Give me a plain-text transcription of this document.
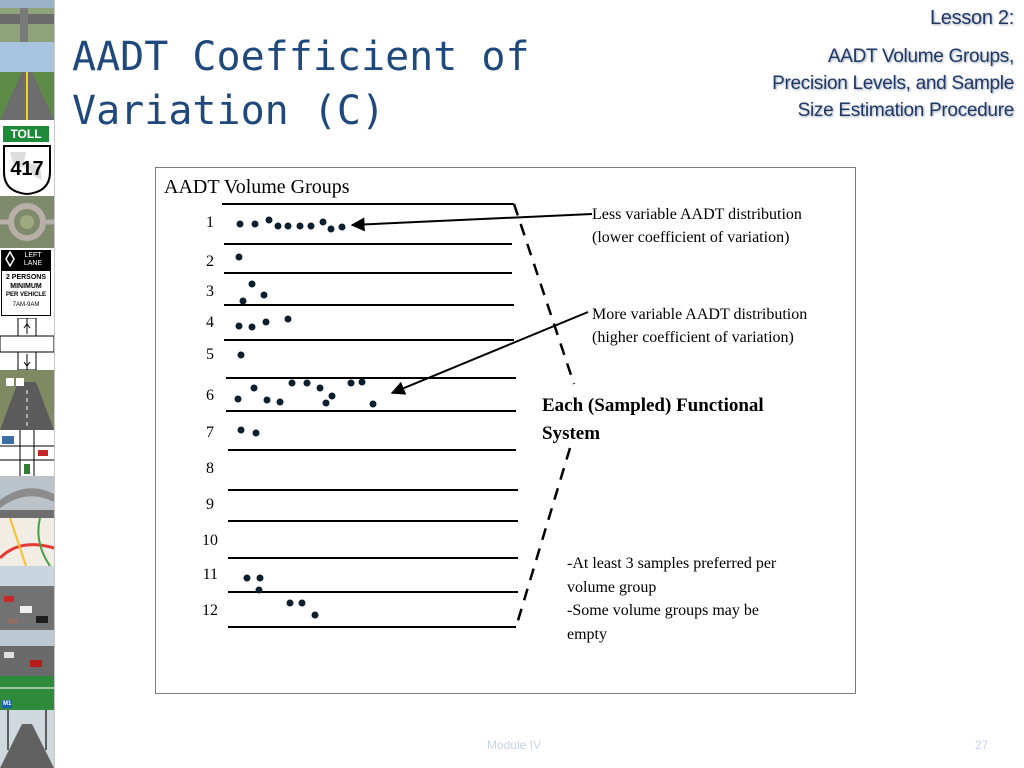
TOLL
417
LEFT
LANE
2 PERSONS
MINIMUM
PER VEHICLE
7AM-9AM
M1
AADT Coefficient of
Variation (C)
Lesson 2:
AADT Volume Groups,
Precision Levels, and Sample
Size Estimation Procedure
AADT Volume Groups
1
2
3
4
5
6
7
8
9
10
11
12
Less variable AADT distribution
(lower coefficient of variation)
More variable AADT distribution
(higher coefficient of variation)
Each (Sampled) Functional
System
-At least 3 samples preferred per
volume group
-Some volume groups may be
empty
Module IV	27
